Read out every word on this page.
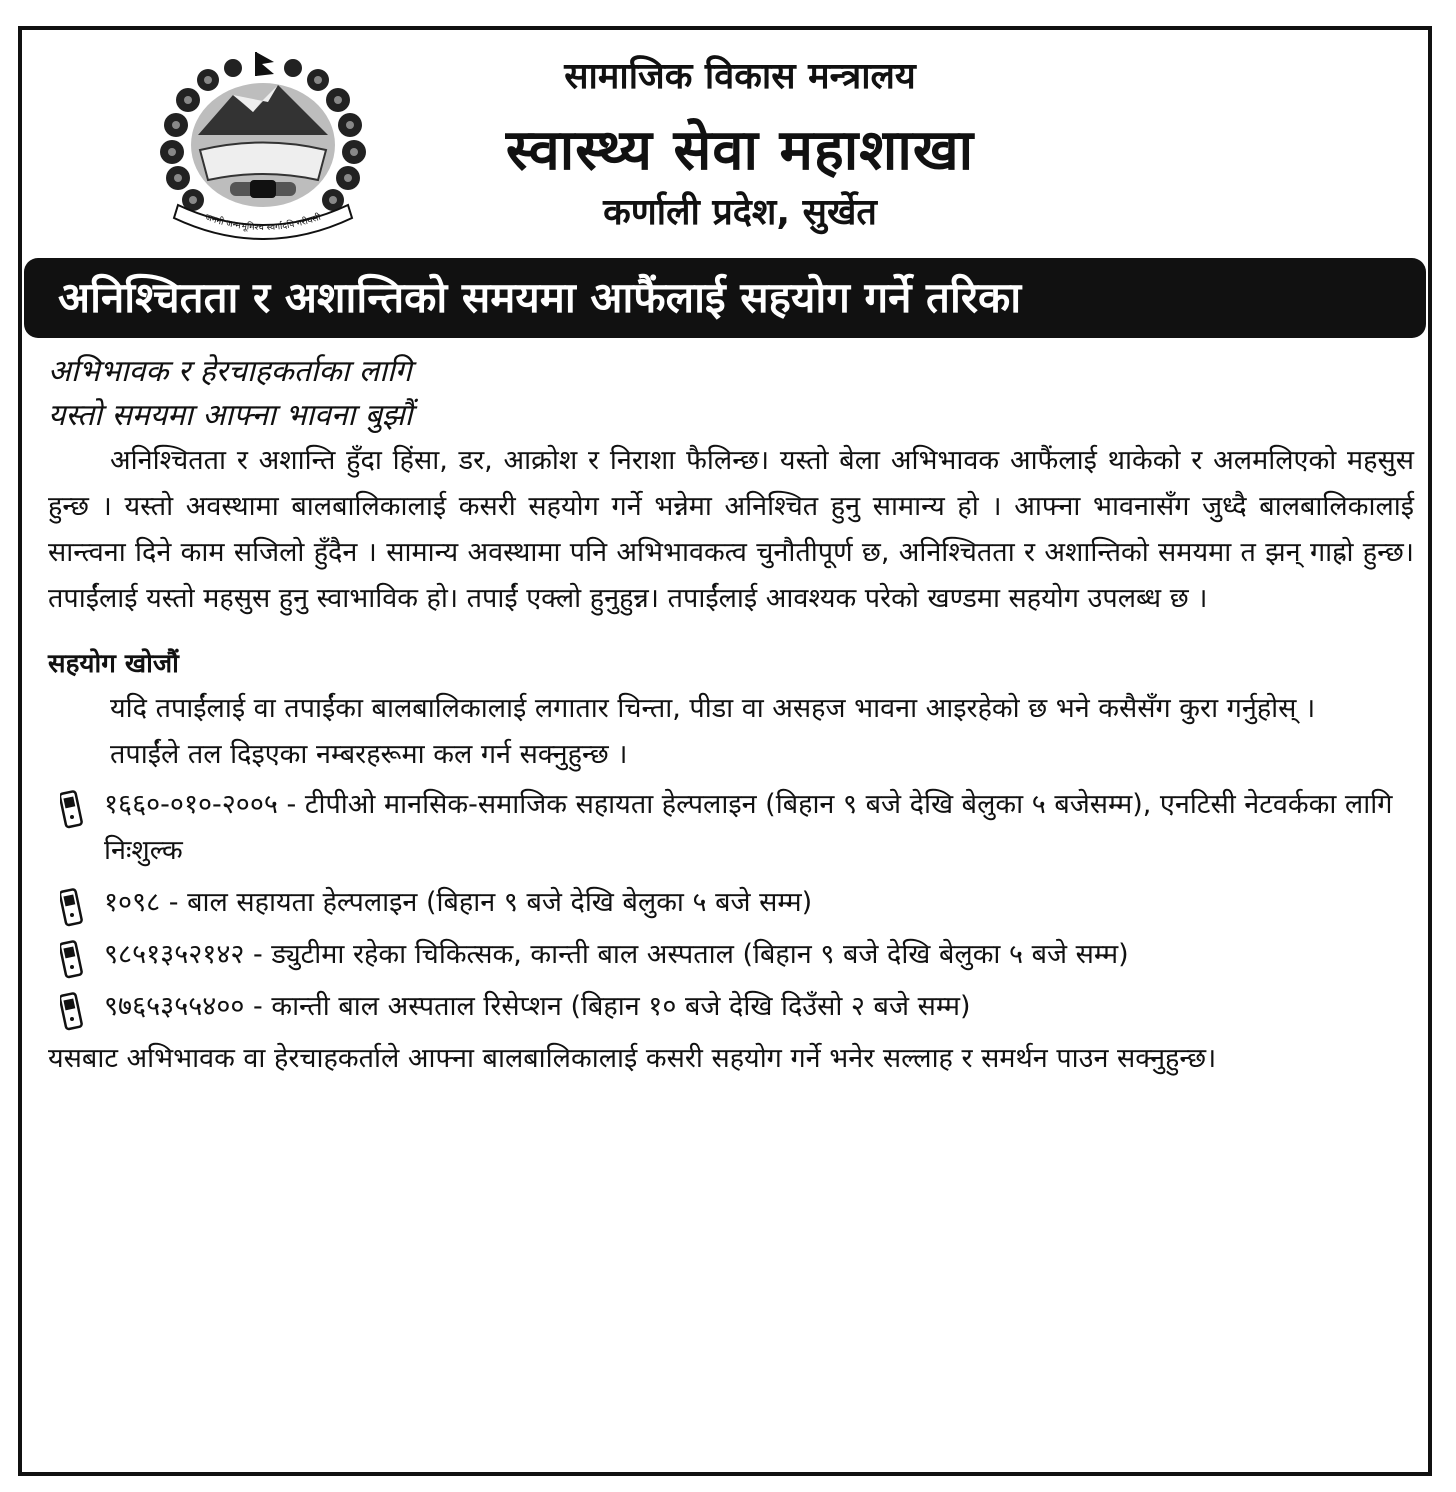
जननी जन्मभूमिश्च स्वर्गादपि गरीयसी
सामाजिक विकास मन्त्रालय
स्वास्थ्य सेवा महाशाखा
कर्णाली प्रदेश, सुर्खेत
अनिश्चितता र अशान्तिको समयमा आफैंलाई सहयोग गर्ने तरिका
अभिभावक र हेरचाहकर्ताका लागि
यस्तो समयमा आफ्ना भावना बुझौं

अनिश्चितता र अशान्ति हुँदा हिंसा, डर, आक्रोश र निराशा फैलिन्छ। यस्तो बेला अभिभावक आफैंलाई थाकेको र अलमलिएको महसुस हुन्छ । यस्तो अवस्थामा बालबालिकालाई कसरी सहयोग गर्ने भन्नेमा अनिश्चित हुनु सामान्य हो । आफ्ना भावनासँग जुध्दै बालबालिकालाई सान्त्वना दिने काम सजिलो हुँदैन । सामान्य अवस्थामा पनि अभिभावकत्व चुनौतीपूर्ण छ, अनिश्चितता र अशान्तिको समयमा त झन् गाह्रो हुन्छ। तपाईंलाई यस्तो महसुस हुनु स्वाभाविक हो। तपाईं एक्लो हुनुहुन्न। तपाईंलाई आवश्यक परेको खण्डमा सहयोग उपलब्ध छ ।

सहयोग खोजौं

यदि तपाईंलाई वा तपाईंका बालबालिकालाई लगातार चिन्ता, पीडा वा असहज भावना आइरहेको छ भने कसैसँग कुरा गर्नुहोस् ।

तपाईंले तल दिइएका नम्बरहरूमा कल गर्न सक्नुहुन्छ ।

१६६०-०१०-२००५ - टीपीओ मानसिक-समाजिक सहायता हेल्पलाइन (बिहान ९ बजे देखि बेलुका ५ बजेसम्म), एनटिसी नेटवर्कका लागि निःशुल्क
१०९८ - बाल सहायता हेल्पलाइन (बिहान ९ बजे देखि बेलुका ५ बजे सम्म)
९८५१३५२१४२ - ड्युटीमा रहेका चिकित्सक, कान्ती बाल अस्पताल (बिहान ९ बजे देखि बेलुका ५ बजे सम्म)
९७६५३५५४०० - कान्ती बाल अस्पताल रिसेप्शन (बिहान १० बजे देखि दिउँसो २ बजे सम्म)

यसबाट अभिभावक वा हेरचाहकर्ताले आफ्ना बालबालिकालाई कसरी सहयोग गर्ने भनेर सल्लाह र समर्थन पाउन सक्नुहुन्छ।
